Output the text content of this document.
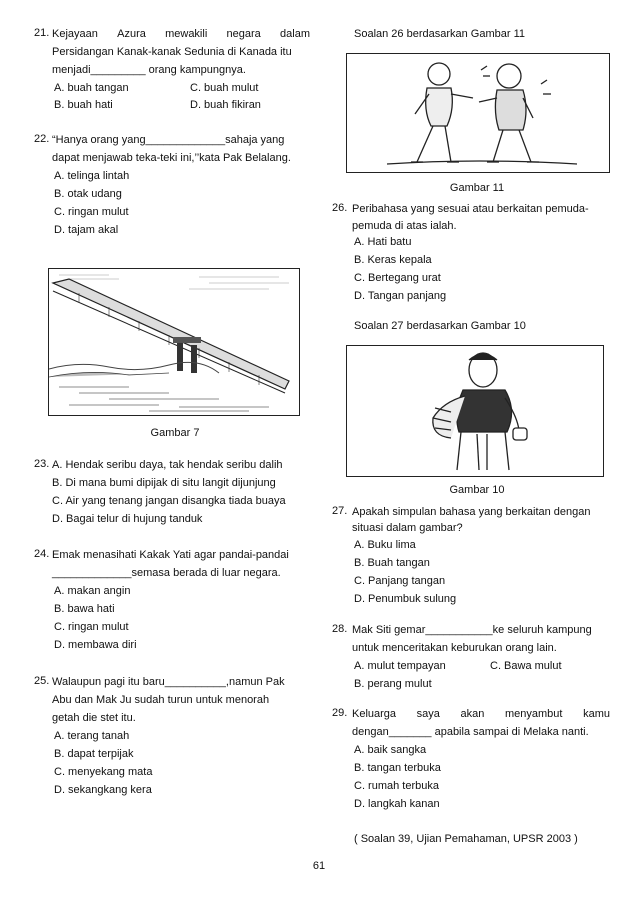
21. Kejayaan Azura mewakili negara dalam
Persidangan Kanak-kanak Sedunia di Kanada itu
menjadi_________ orang kampungnya.
A. buah tangan	C. buah mulut
B. buah hati	D. buah fikiran
22. “Hanya orang yang_____________sahaja yang
dapat menjawab teka-teki ini,’’kata Pak Belalang.
A. telinga lintah
B. otak udang
C. ringan mulut
D. tajam akal
Gambar 7
23. A. Hendak seribu daya, tak hendak seribu dalih
B. Di mana bumi dipijak di situ langit dijunjung
C. Air yang tenang jangan disangka tiada buaya
D. Bagai telur di hujung tanduk
24. Emak menasihati Kakak Yati agar pandai-pandai
_____________semasa berada di luar negara.
A. makan angin
B. bawa hati
C. ringan mulut
D. membawa diri
25. Walaupun pagi itu baru__________,namun Pak
Abu dan Mak Ju sudah turun untuk menorah
getah die stet itu.
A. terang tanah
B. dapat terpijak
C. menyekang mata
D. sekangkang kera
Soalan 26 berdasarkan Gambar 11
Gambar 11
26. Peribahasa yang sesuai atau berkaitan pemuda-
pemuda di atas ialah.
A. Hati batu
B. Keras kepala
C. Bertegang urat
D. Tangan panjang
Soalan 27 berdasarkan Gambar 10
Gambar 10
27. Apakah simpulan bahasa yang berkaitan dengan
situasi dalam gambar?
A. Buku lima
B. Buah tangan
C. Panjang tangan
D. Penumbuk sulung
28. Mak Siti gemar___________ke seluruh kampung
untuk menceritakan keburukan orang lain.
A. mulut tempayan	C. Bawa mulut
B. perang mulut
29. Keluarga saya akan menyambut kamu
dengan_______ apabila sampai di Melaka nanti.
A. baik sangka
B. tangan terbuka
C. rumah terbuka
D. langkah kanan
( Soalan 39, Ujian Pemahaman, UPSR 2003 )
61
